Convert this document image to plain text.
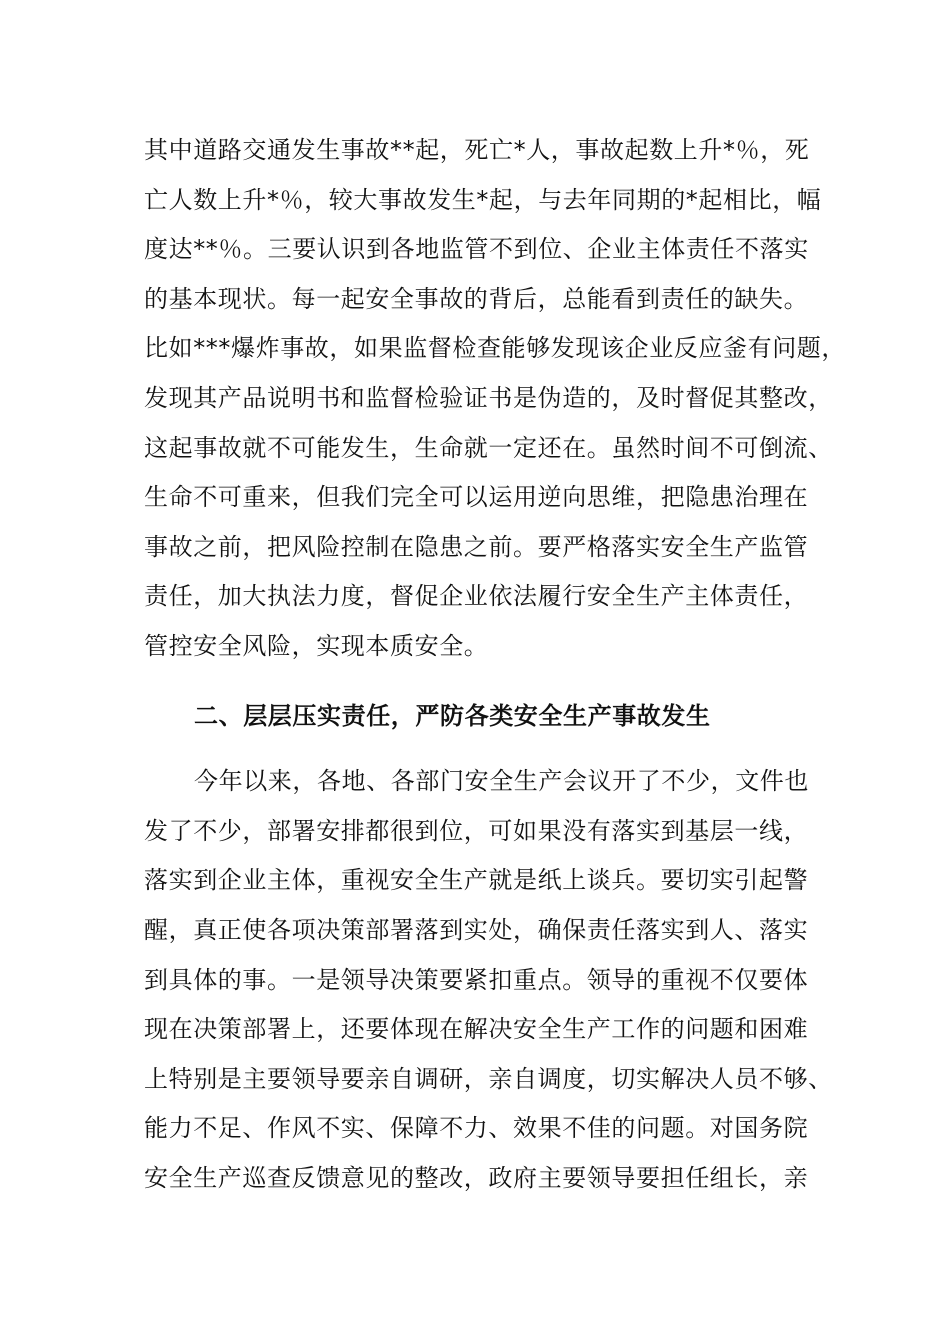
其中道路交通发生事故**起，死亡*人，事故起数上升*％，死
亡人数上升*％，较大事故发生*起，与去年同期的*起相比，幅
度达**％。三要认识到各地监管不到位、企业主体责任不落实
的基本现状。每一起安全事故的背后，总能看到责任的缺失。
比如***爆炸事故，如果监督检查能够发现该企业反应釜有问题，
发现其产品说明书和监督检验证书是伪造的，及时督促其整改，
这起事故就不可能发生，生命就一定还在。虽然时间不可倒流、
生命不可重来，但我们完全可以运用逆向思维，把隐患治理在
事故之前，把风险控制在隐患之前。要严格落实安全生产监管
责任，加大执法力度，督促企业依法履行安全生产主体责任，
管控安全风险，实现本质安全。
二、层层压实责任，严防各类安全生产事故发生
今年以来，各地、各部门安全生产会议开了不少，文件也
发了不少，部署安排都很到位，可如果没有落实到基层一线，
落实到企业主体，重视安全生产就是纸上谈兵。要切实引起警
醒，真正使各项决策部署落到实处，确保责任落实到人、落实
到具体的事。一是领导决策要紧扣重点。领导的重视不仅要体
现在决策部署上，还要体现在解决安全生产工作的问题和困难
上特别是主要领导要亲自调研，亲自调度，切实解决人员不够、
能力不足、作风不实、保障不力、效果不佳的问题。对国务院
安全生产巡查反馈意见的整改，政府主要领导要担任组长，亲
